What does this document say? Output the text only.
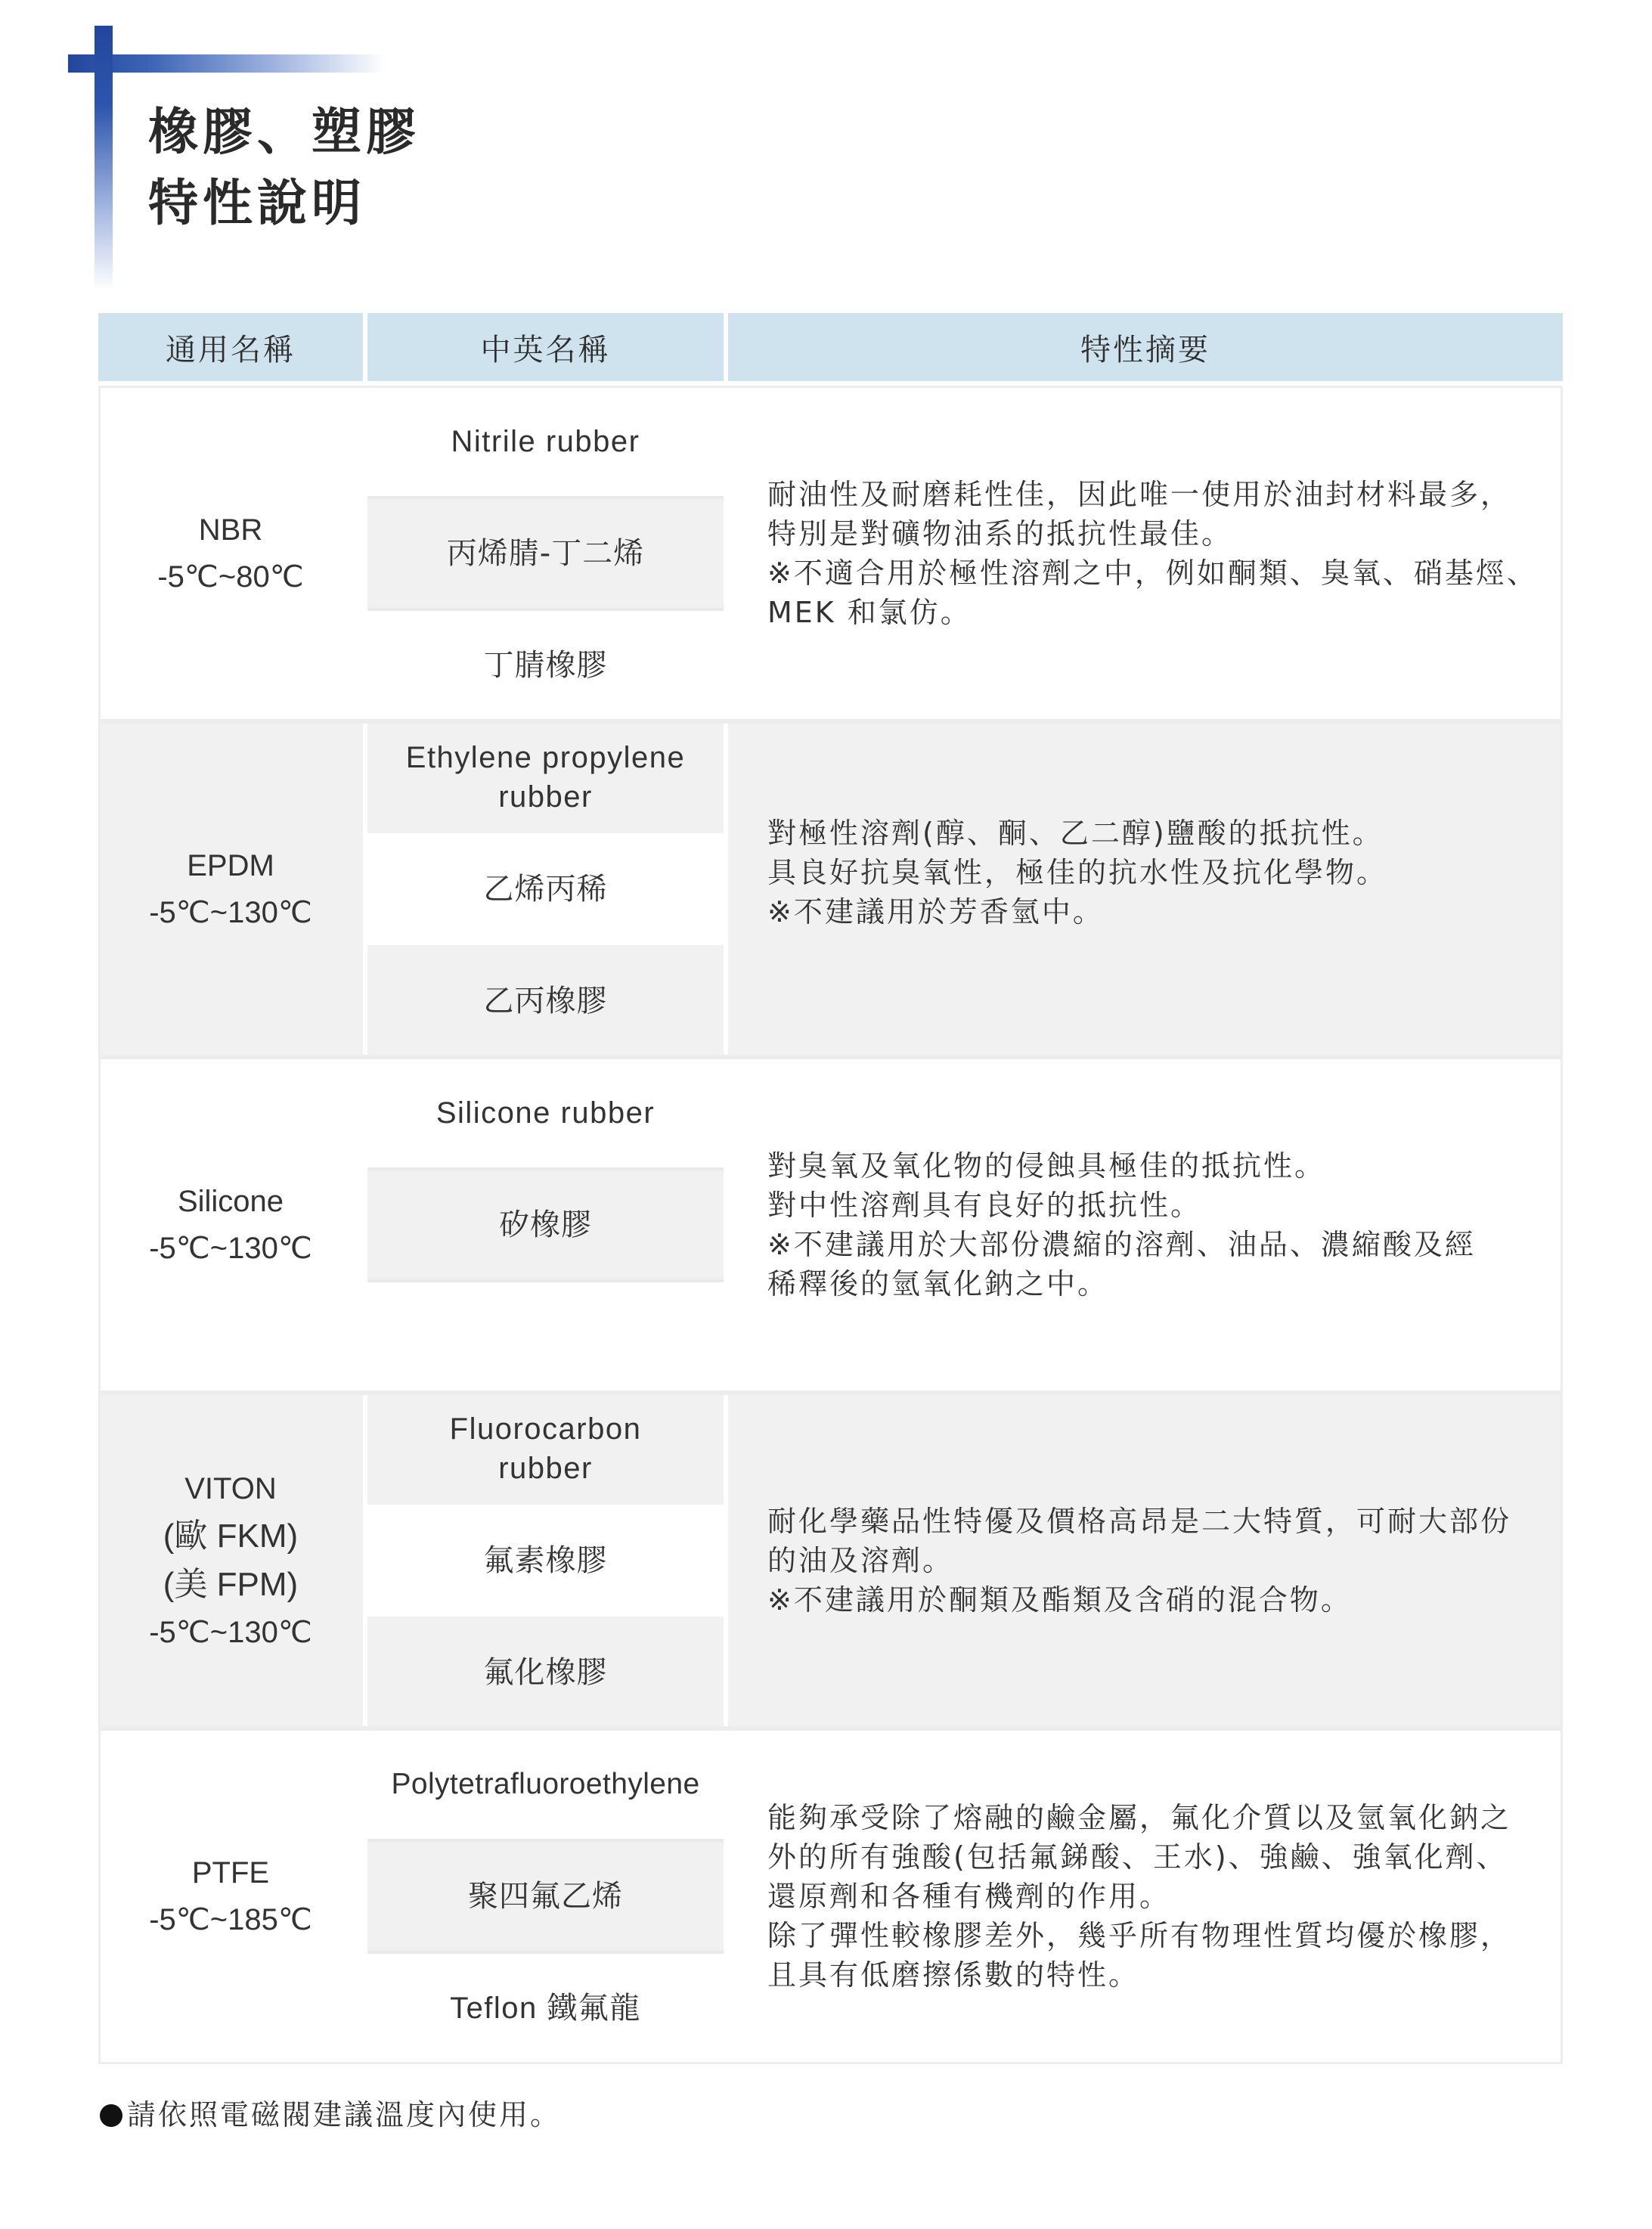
橡膠、塑膠
特性說明
通用名稱	中英名稱	特性摘要
NBR
-5℃~80℃
Nitrile rubber
丙烯腈-丁二烯
丁腈橡膠
耐油性及耐磨耗性佳，因此唯一使用於油封材料最多，
特別是對礦物油系的抵抗性最佳。
※不適合用於極性溶劑之中，例如酮類、臭氧、硝基烴、
MEK 和氯仿。
EPDM
-5℃~130℃
Ethylene propylene rubber
乙烯丙稀
乙丙橡膠
對極性溶劑(醇、酮、乙二醇)鹽酸的抵抗性。
具良好抗臭氧性，極佳的抗水性及抗化學物。
※不建議用於芳香氫中。
Silicone
-5℃~130℃
Silicone rubber
矽橡膠
對臭氧及氧化物的侵蝕具極佳的抵抗性。
對中性溶劑具有良好的抵抗性。
※不建議用於大部份濃縮的溶劑、油品、濃縮酸及經
稀釋後的氫氧化鈉之中。
VITON
(歐 FKM)
(美 FPM)
-5℃~130℃
Fluorocarbon rubber
氟素橡膠
氟化橡膠
耐化學藥品性特優及價格高昂是二大特質，可耐大部份
的油及溶劑。
※不建議用於酮類及酯類及含硝的混合物。
PTFE
-5℃~185℃
Polytetrafluoroethylene
聚四氟乙烯
Teflon 鐵氟龍
能夠承受除了熔融的鹼金屬，氟化介質以及氫氧化鈉之
外的所有強酸(包括氟銻酸、王水)、強鹼、強氧化劑、
還原劑和各種有機劑的作用。
除了彈性較橡膠差外，幾乎所有物理性質均優於橡膠，
且具有低磨擦係數的特性。
請依照電磁閥建議溫度內使用。
